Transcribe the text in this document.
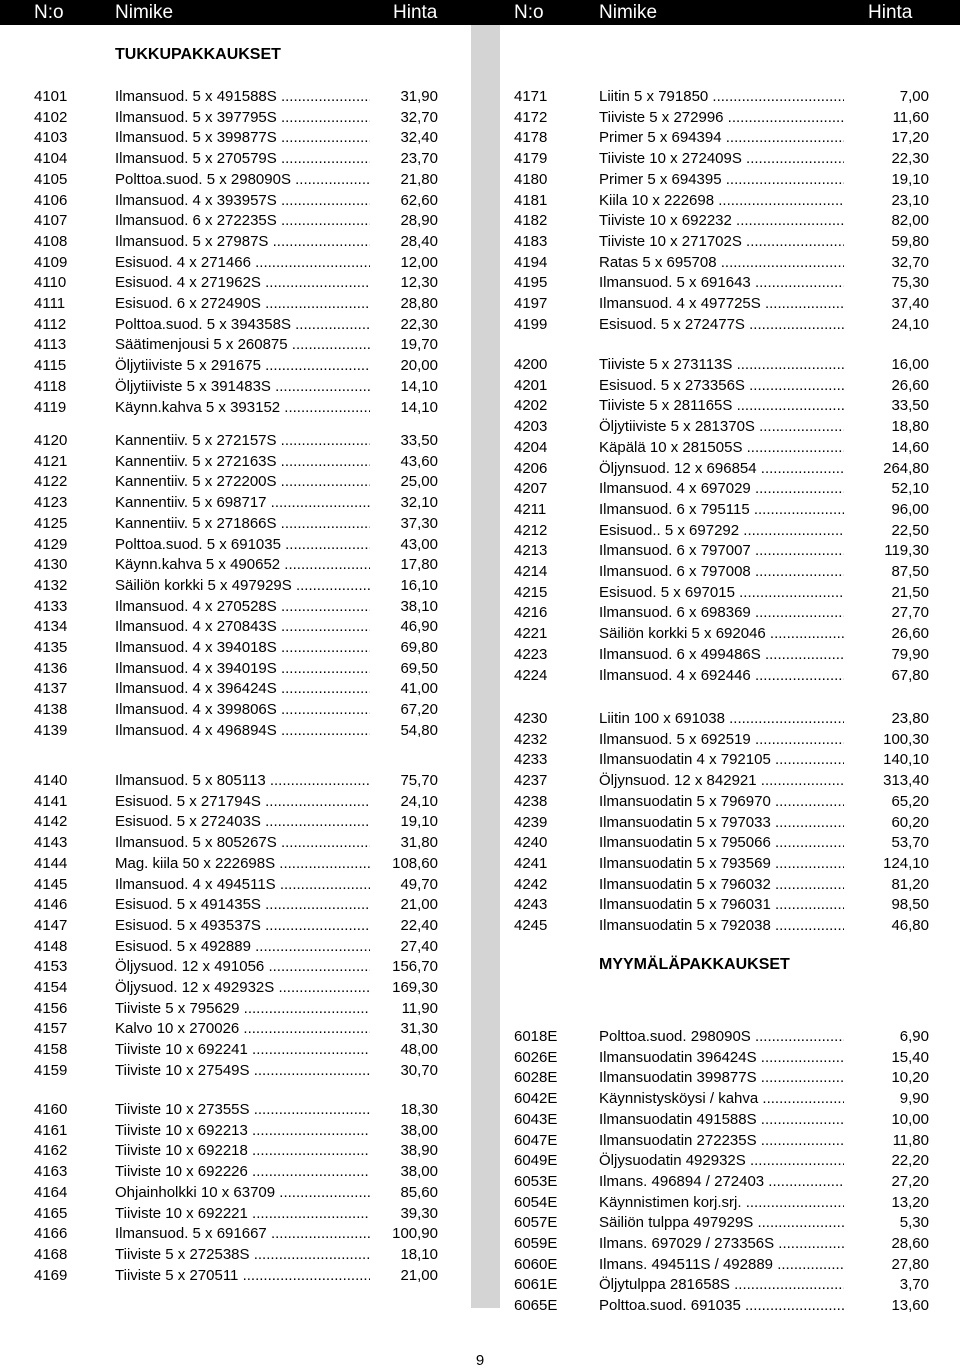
N:o	Nimike	Hinta	N:o	Nimike	Hinta
TUKKUPAKKAUKSET
4101	Ilmansuod. 5 x 491588S .....	31,90
4102	Ilmansuod. 5 x 397795S .....	32,70
4103	Ilmansuod. 5 x 399877S .....	32,40
4104	Ilmansuod. 5 x 270579S .....	23,70
4105	Polttoa.suod. 5 x 298090S .....	21,80
4106	Ilmansuod. 4 x 393957S .....	62,60
4107	Ilmansuod. 6 x 272235S .....	28,90
4108	Ilmansuod. 5 x 27987S .....	28,40
4109	Esisuod. 4 x 271466 .....	12,00
4110	Esisuod. 4 x 271962S .....	12,30
4111	Esisuod. 6 x 272490S .....	28,80
4112	Polttoa.suod. 5 x 394358S .....	22,30
4113	Säätimenjousi 5 x 260875 .....	19,70
4115	Öljytiiviste 5 x 291675 .....	20,00
4118	Öljytiiviste 5 x 391483S .....	14,10
4119	Käynn.kahva 5 x 393152 .....	14,10
4120	Kannentiiv. 5 x 272157S .....	33,50
4121	Kannentiiv. 5 x 272163S .....	43,60
4122	Kannentiiv. 5 x 272200S .....	25,00
4123	Kannentiiv. 5 x 698717 .....	32,10
4125	Kannentiiv. 5 x 271866S .....	37,30
4129	Polttoa.suod. 5 x 691035 .....	43,00
4130	Käynn.kahva 5 x 490652 .....	17,80
4132	Säiliön korkki 5 x 497929S .....	16,10
4133	Ilmansuod. 4 x 270528S .....	38,10
4134	Ilmansuod. 4 x 270843S .....	46,90
4135	Ilmansuod. 4 x 394018S .....	69,80
4136	Ilmansuod. 4 x 394019S .....	69,50
4137	Ilmansuod. 4 x 396424S .....	41,00
4138	Ilmansuod. 4 x 399806S .....	67,20
4139	Ilmansuod. 4 x 496894S .....	54,80
4140	Ilmansuod. 5 x 805113 .....	75,70
4141	Esisuod. 5 x 271794S .....	24,10
4142	Esisuod. 5 x 272403S .....	19,10
4143	Ilmansuod. 5 x 805267S .....	31,80
4144	Mag. kiila 50 x 222698S .....	108,60
4145	Ilmansuod. 4 x 494511S .....	49,70
4146	Esisuod. 5 x 491435S .....	21,00
4147	Esisuod. 5 x 493537S .....	22,40
4148	Esisuod. 5 x 492889 .....	27,40
4153	Öljysuod. 12 x 491056 .....	156,70
4154	Öljysuod. 12 x 492932S .....	169,30
4156	Tiiviste 5 x 795629 .....	11,90
4157	Kalvo 10 x 270026 .....	31,30
4158	Tiiviste 10 x 692241 .....	48,00
4159	Tiiviste 10 x 27549S .....	30,70
4160	Tiiviste 10 x 27355S .....	18,30
4161	Tiiviste 10 x 692213 .....	38,00
4162	Tiiviste 10 x 692218 .....	38,90
4163	Tiiviste 10 x 692226 .....	38,00
4164	Ohjainholkki 10 x 63709 .....	85,60
4165	Tiiviste 10 x 692221 .....	39,30
4166	Ilmansuod. 5 x 691667 .....	100,90
4168	Tiiviste 5 x 272538S .....	18,10
4169	Tiiviste 5 x 270511 .....	21,00
4171	Liitin 5 x 791850 .....	7,00
4172	Tiiviste 5 x 272996 .....	11,60
4178	Primer 5 x 694394 .....	17,20
4179	Tiiviste 10 x 272409S .....	22,30
4180	Primer 5 x 694395 .....	19,10
4181	Kiila 10 x 222698 .....	23,10
4182	Tiiviste 10 x 692232 .....	82,00
4183	Tiiviste 10 x 271702S .....	59,80
4194	Ratas 5 x 695708 .....	32,70
4195	Ilmansuod. 5 x 691643 .....	75,30
4197	Ilmansuod. 4 x 497725S .....	37,40
4199	Esisuod. 5 x 272477S .....	24,10
4200	Tiiviste 5 x 273113S .....	16,00
4201	Esisuod. 5 x 273356S .....	26,60
4202	Tiiviste 5 x 281165S .....	33,50
4203	Öljytiiviste 5 x 281370S .....	18,80
4204	Käpälä 10 x 281505S .....	14,60
4206	Öljynsuod. 12 x 696854 .....	264,80
4207	Ilmansuod. 4 x 697029 .....	52,10
4211	Ilmansuod. 6 x 795115 .....	96,00
4212	Esisuod.. 5 x 697292 .....	22,50
4213	Ilmansuod. 6 x 797007 .....	119,30
4214	Ilmansuod. 6 x 797008 .....	87,50
4215	Esisuod. 5 x 697015 .....	21,50
4216	Ilmansuod. 6 x 698369 .....	27,70
4221	Säiliön korkki 5 x 692046 .....	26,60
4223	Ilmansuod. 6 x 499486S .....	79,90
4224	Ilmansuod. 4 x 692446 .....	67,80
4230	Liitin 100 x 691038 .....	23,80
4232	Ilmansuod. 5 x 692519 .....	100,30
4233	Ilmansuodatin 4 x 792105 .....	140,10
4237	Öljynsuod. 12 x 842921 .....	313,40
4238	Ilmansuodatin 5 x 796970 .....	65,20
4239	Ilmansuodatin 5 x 797033 .....	60,20
4240	Ilmansuodatin 5 x 795066 .....	53,70
4241	Ilmansuodatin 5 x 793569 .....	124,10
4242	Ilmansuodatin 5 x 796032 .....	81,20
4243	Ilmansuodatin 5 x 796031 .....	98,50
4245	Ilmansuodatin 5 x 792038 .....	46,80
6018E	Polttoa.suod. 298090S .....	6,90
6026E	Ilmansuodatin 396424S .....	15,40
6028E	Ilmansuodatin 399877S .....	10,20
6042E	Käynnistysköysi / kahva .....	9,90
6043E	Ilmansuodatin 491588S .....	10,00
6047E	Ilmansuodatin 272235S .....	11,80
6049E	Öljysuodatin 492932S .....	22,20
6053E	Ilmans. 496894 / 272403 .....	27,20
6054E	Käynnistimen korj.srj. .....	13,20
6057E	Säiliön tulppa 497929S .....	5,30
6059E	Ilmans. 697029 / 273356S .....	28,60
6060E	Ilmans. 494511S / 492889 .....	27,80
6061E	Öljytulppa 281658S .....	3,70
6065E	Polttoa.suod. 691035 .....	13,60
MYYMÄLÄPAKKAUKSET
9
